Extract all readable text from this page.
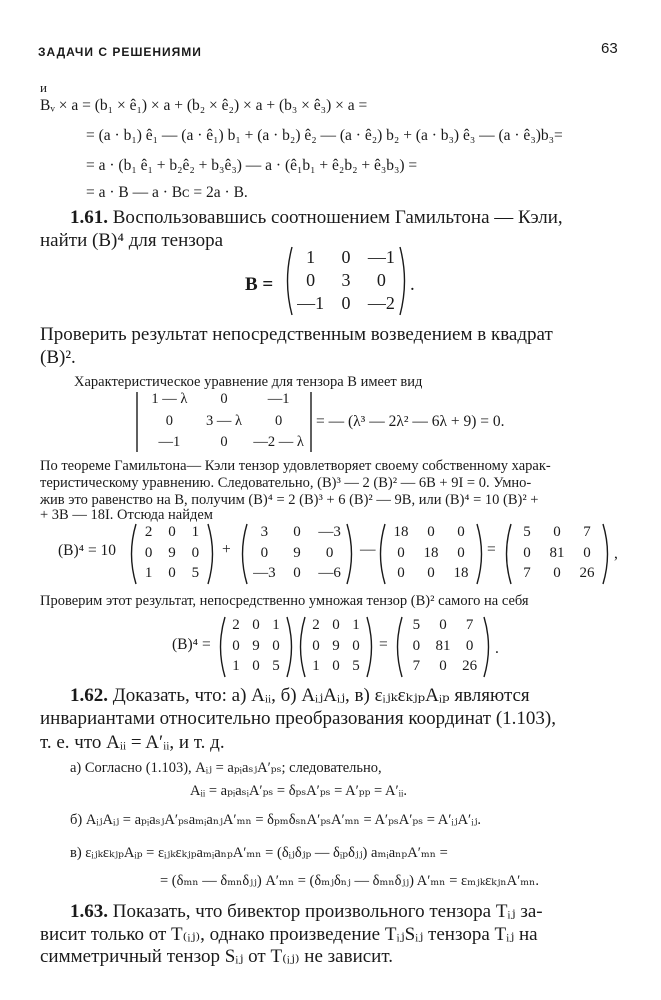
ЗАДАЧИ С РЕШЕНИЯМИ	63
и
Bᵥ × a = (b₁ × ê₁) × a + (b₂ × ê₂) × a + (b₃ × ê₃) × a =
= (a · b₁) ê₁ — (a · ê₁) b₁ + (a · b₂) ê₂ — (a · ê₂) b₂ + (a · b₃) ê₃ — (a · ê₃)b₃=
= a · (b₁ ê₁ + b₂ê₂ + b₃ê₃) — a · (ê₁b₁ + ê₂b₂ + ê₃b₃) =
= a · B — a · Bᴄ = 2a · B.
1.61. Воспользовавшись соотношением Гамильтона — Кэли,
найти (B)⁴ для тензора
B =
1	0 —1
0	3	0
—1 0 —2
.
Проверить результат непосредственным возведением в квадрат
(B)².
Характеристическое уравнение для тензора B имеет вид
1 — λ	0	—1
0	3 — λ	0
—1	0	—2 — λ
= — (λ³ — 2λ² — 6λ + 9) = 0.
По теореме Гамильтона— Кэли тензор удовлетворяет своему собственному харак-
теристическому уравнению. Следовательно, (B)³ — 2 (B)² — 6B + 9I = 0. Умно-
жив это равенство на B, получим (B)⁴ = 2 (B)³ + 6 (B)² — 9B, или (B)⁴ = 10 (B)² +
+ 3B — 18I. Отсюда найдем
(B)⁴ = 10
2	0	1
0	9	0
1	0	5
+
3	0	—3
0	9	0
—3	0	—6
—
18	0	0
0	18	0
0	0	18
=
5	0	7
0	81	0
7	0	26
,
Проверим этот результат, непосредственно умножая тензор (B)² самого на себя
(B)⁴ =
2 0 1
0 9 0
1 0 5
2 0 1
0 9 0
1 0 5
=
5	0	7
0	81	0
7	0	26
.
1.62. Доказать, что: а) Aᵢᵢ, б) AᵢⱼAᵢⱼ, в) εᵢⱼₖεₖⱼₚAᵢₚ являются
инвариантами относительно преобразования координат (1.103),
т. е. что Aᵢᵢ = A′ᵢᵢ, и т. д.
а) Согласно (1.103), Aᵢⱼ = aₚᵢaₛⱼA′ₚₛ; следовательно,
Aᵢᵢ = aₚᵢaₛᵢA′ₚₛ = δₚₛA′ₚₛ = A′ₚₚ = A′ᵢᵢ.
б) AᵢⱼAᵢⱼ = aₚᵢaₛⱼA′ₚₛaₘᵢaₙⱼA′ₘₙ = δₚₘδₛₙA′ₚₛA′ₘₙ = A′ₚₛA′ₚₛ = A′ᵢⱼA′ᵢⱼ.
в) εᵢⱼₖεₖⱼₚAᵢₚ = εᵢⱼₖεₖⱼₚaₘᵢaₙₚA′ₘₙ = (δᵢⱼδⱼₚ — δᵢₚδⱼⱼ) aₘᵢaₙₚA′ₘₙ =
= (δₘₙ — δₘₙδⱼⱼ) A′ₘₙ = (δₘⱼδₙⱼ — δₘₙδⱼⱼ) A′ₘₙ = εₘⱼₖεₖⱼₙA′ₘₙ.
1.63. Показать, что бивектор произвольного тензора Tᵢⱼ за-
висит только от T₍ᵢⱼ₎, однако произведение TᵢⱼSᵢⱼ тензора Tᵢⱼ на
симметричный тензор Sᵢⱼ от T₍ᵢⱼ₎ не зависит.
